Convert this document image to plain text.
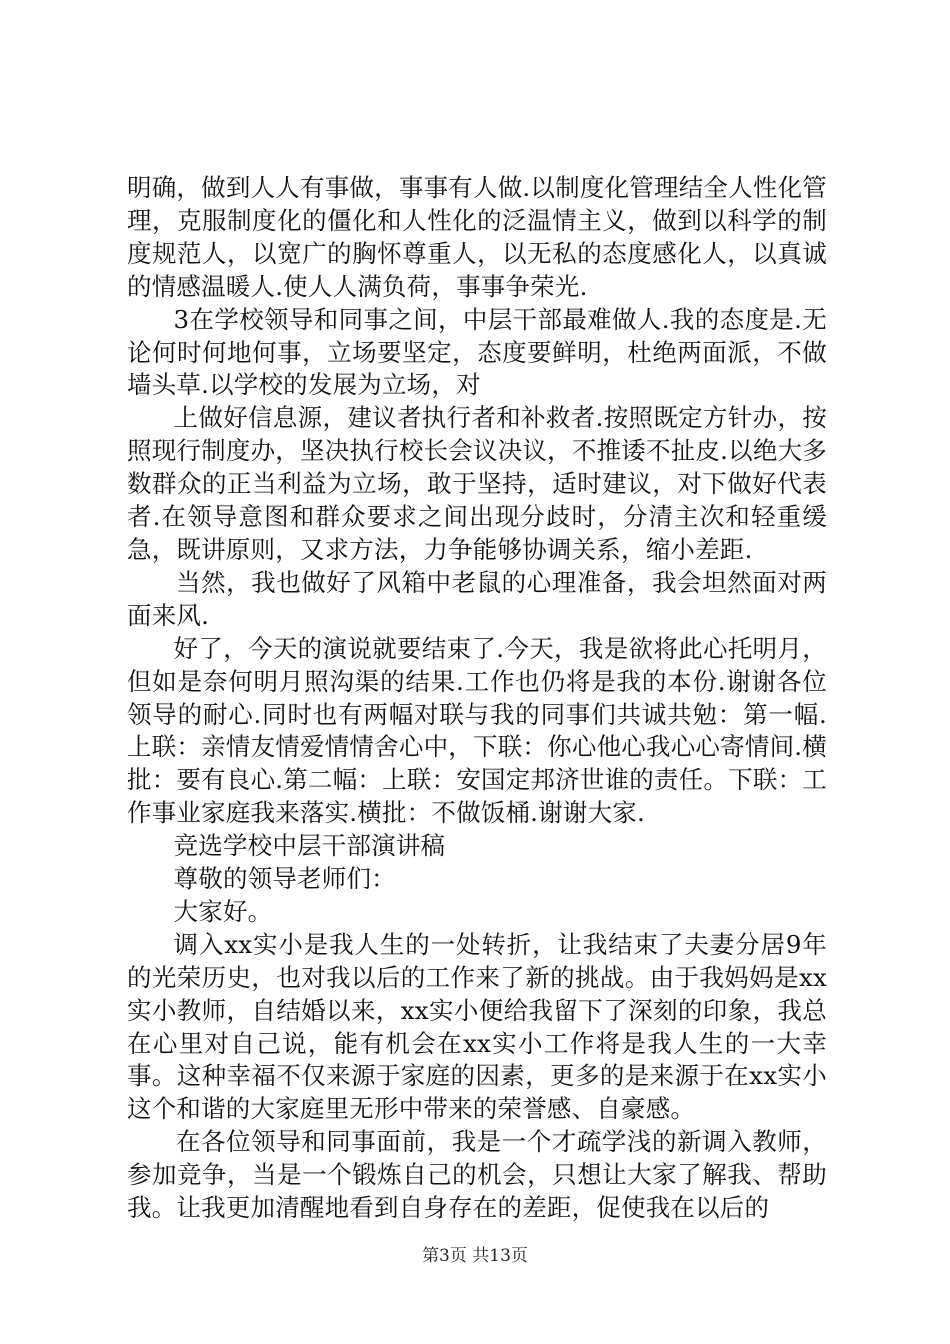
明确，做到人人有事做，事事有人做.以制度化管理结全人性化管理，克服制度化的僵化和人性化的泛温情主义，做到以科学的制度规范人，以宽广的胸怀尊重人，以无私的态度感化人，以真诚的情感温暖人.使人人满负荷，事事争荣光.

3在学校领导和同事之间，中层干部最难做人.我的态度是.无论何时何地何事，立场要坚定，态度要鲜明，杜绝两面派，不做墙头草.以学校的发展为立场，对

上做好信息源，建议者执行者和补救者.按照既定方针办，按照现行制度办，坚决执行校长会议决议，不推诿不扯皮.以绝大多数群众的正当利益为立场，敢于坚持，适时建议，对下做好代表者.在领导意图和群众要求之间出现分歧时，分清主次和轻重缓急，既讲原则，又求方法，力争能够协调关系，缩小差距.

当然，我也做好了风箱中老鼠的心理准备，我会坦然面对两面来风.

好了，今天的演说就要结束了.今天，我是欲将此心托明月，但如是奈何明月照沟渠的结果.工作也仍将是我的本份.谢谢各位领导的耐心.同时也有两幅对联与我的同事们共诚共勉：第一幅.上联：亲情友情爱情情舍心中，下联：你心他心我心心寄情间.横批：要有良心.第二幅：上联：安国定邦济世谁的责任。下联：工作事业家庭我来落实.横批：不做饭桶.谢谢大家.

竞选学校中层干部演讲稿

尊敬的领导老师们：

大家好。

调入xx实小是我人生的一处转折，让我结束了夫妻分居9年的光荣历史，也对我以后的工作来了新的挑战。由于我妈妈是xx实小教师，自结婚以来，xx实小便给我留下了深刻的印象，我总在心里对自己说，能有机会在xx实小工作将是我人生的一大幸事。这种幸福不仅来源于家庭的因素，更多的是来源于在xx实小这个和谐的大家庭里无形中带来的荣誉感、自豪感。

在各位领导和同事面前，我是一个才疏学浅的新调入教师，参加竞争，当是一个锻炼自己的机会，只想让大家了解我、帮助我。让我更加清醒地看到自身存在的差距，促使我在以后的

第3页 共13页
